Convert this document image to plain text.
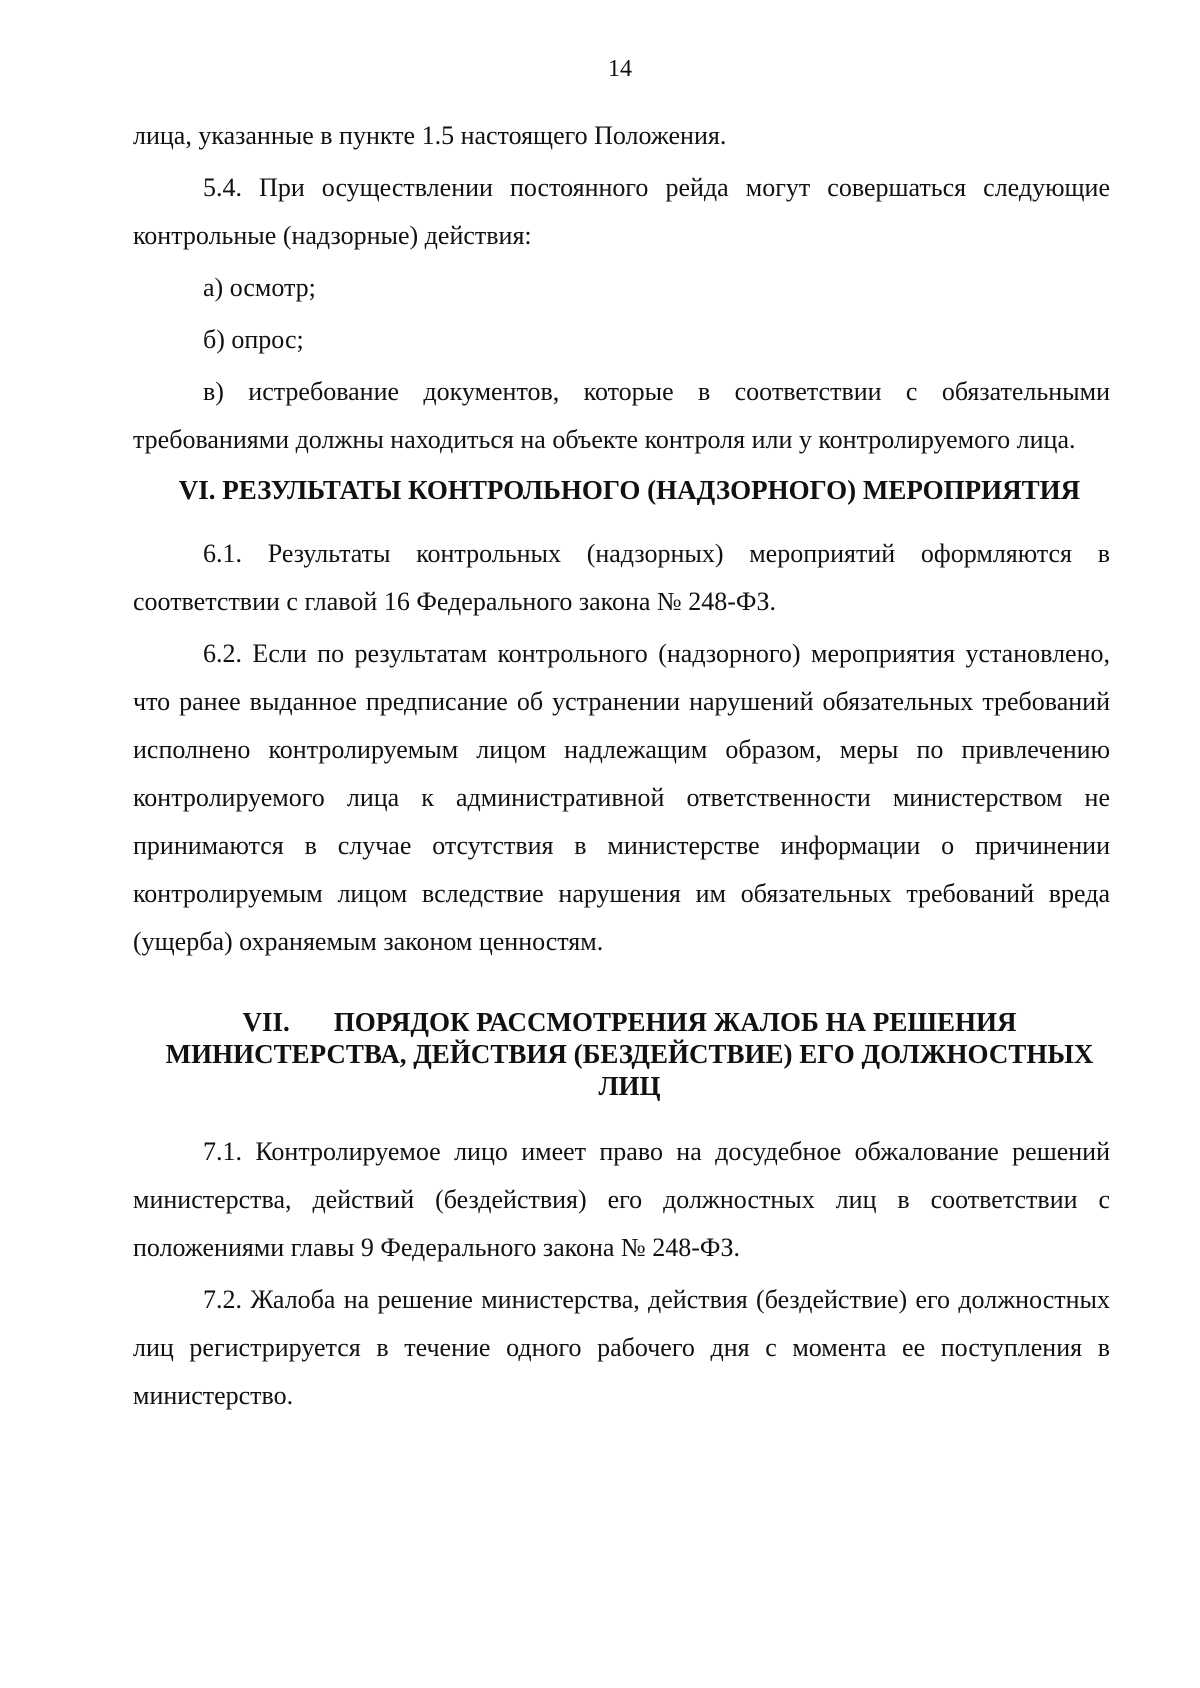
14

лица, указанные в пункте 1.5 настоящего Положения.

5.4. При осуществлении постоянного рейда могут совершаться следующие контрольные (надзорные) действия:

а) осмотр;

б) опрос;

в) истребование документов, которые в соответствии с обязательными требованиями должны находиться на объекте контроля или у контролируемого лица.

VI. РЕЗУЛЬТАТЫ КОНТРОЛЬНОГО (НАДЗОРНОГО) МЕРОПРИЯТИЯ

6.1. Результаты контрольных (надзорных) мероприятий оформляются в соответствии с главой 16 Федерального закона № 248-ФЗ.

6.2. Если по результатам контрольного (надзорного) мероприятия установлено, что ранее выданное предписание об устранении нарушений обязательных требований исполнено контролируемым лицом надлежащим образом, меры по привлечению контролируемого лица к административной ответственности министерством не принимаются в случае отсутствия в министерстве информации о причинении контролируемым лицом вследствие нарушения им обязательных требований вреда (ущерба) охраняемым законом ценностям.

VII. ПОРЯДОК РАССМОТРЕНИЯ ЖАЛОБ НА РЕШЕНИЯ МИНИСТЕРСТВА, ДЕЙСТВИЯ (БЕЗДЕЙСТВИЕ) ЕГО ДОЛЖНОСТНЫХ ЛИЦ

7.1. Контролируемое лицо имеет право на досудебное обжалование решений министерства, действий (бездействия) его должностных лиц в соответствии с положениями главы 9 Федерального закона № 248-ФЗ.

7.2. Жалоба на решение министерства, действия (бездействие) его должностных лиц регистрируется в течение одного рабочего дня с момента ее поступления в министерство.
